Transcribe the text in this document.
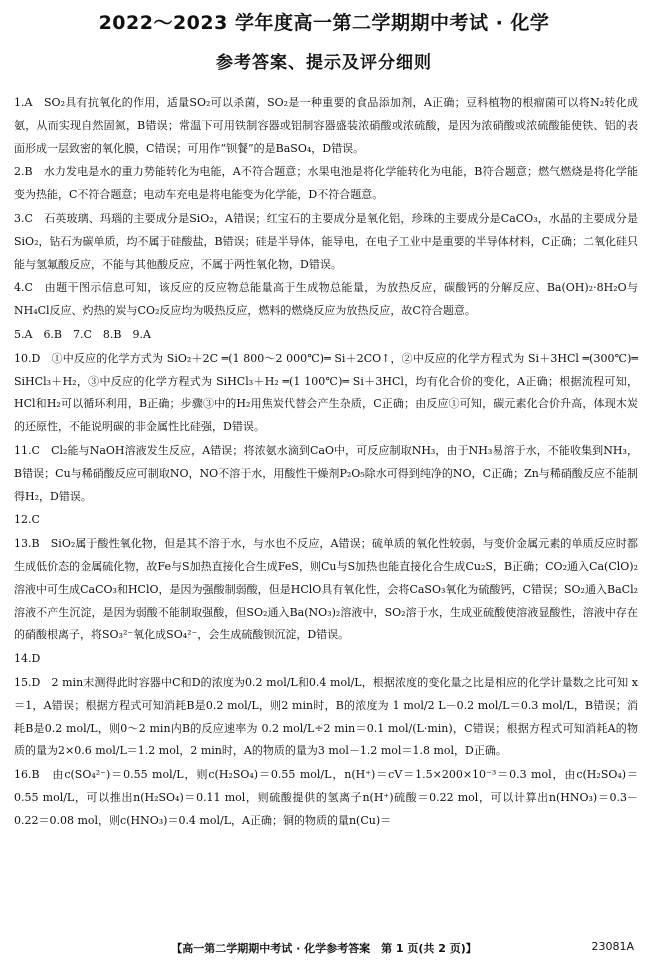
2022～2023 学年度高一第二学期期中考试 · 化学
参考答案、提示及评分细则

1.A　SO₂具有抗氧化的作用，适量SO₂可以杀菌，SO₂是一种重要的食品添加剂，A正确；豆科植物的根瘤菌可以将N₂转化成氨，从而实现自然固氮，B错误；常温下可用铁制容器或铝制容器盛装浓硝酸或浓硫酸，是因为浓硝酸或浓硫酸能使铁、铝的表面形成一层致密的氧化膜，C错误；可用作“钡餐”的是BaSO₄，D错误。

2.B　水力发电是水的重力势能转化为电能，A不符合题意；水果电池是将化学能转化为电能，B符合题意；燃气燃烧是将化学能变为热能，C不符合题意；电动车充电是将电能变为化学能，D不符合题意。

3.C　石英玻璃、玛瑙的主要成分是SiO₂，A错误；红宝石的主要成分是氧化铝，珍珠的主要成分是CaCO₃，水晶的主要成分是SiO₂，钻石为碳单质，均不属于硅酸盐，B错误；硅是半导体，能导电，在电子工业中是重要的半导体材料，C正确；二氧化硅只能与氢氟酸反应，不能与其他酸反应，不属于两性氧化物，D错误。

4.C　由题干图示信息可知，该反应的反应物总能量高于生成物总能量，为放热反应，碳酸钙的分解反应、Ba(OH)₂·8H₂O与NH₄Cl反应、灼热的炭与CO₂反应均为吸热反应，燃料的燃烧反应为放热反应，故C符合题意。

5.A　6.B　7.C　8.B　9.A

10.D　①中反应的化学方式为 SiO₂＋2C ═(1 800～2 000℃)═ Si＋2CO↑，②中反应的化学方程式为 Si＋3HCl ═(300℃)═ SiHCl₃＋H₂，③中反应的化学方程式为 SiHCl₃＋H₂ ═(1 100℃)═ Si＋3HCl，均有化合价的变化，A正确；根据流程可知，HCl和H₂可以循环利用，B正确；步骤③中的H₂用焦炭代替会产生杂质，C正确；由反应①可知，碳元素化合价升高，体现木炭的还原性，不能说明碳的非金属性比硅强，D错误。

11.C　Cl₂能与NaOH溶液发生反应，A错误；将浓氨水滴到CaO中，可反应制取NH₃，由于NH₃易溶于水，不能收集到NH₃，B错误；Cu与稀硝酸反应可制取NO，NO不溶于水，用酸性干燥剂P₂O₅除水可得到纯净的NO，C正确；Zn与稀硝酸反应不能制得H₂，D错误。

12.C

13.B　SiO₂属于酸性氧化物，但是其不溶于水，与水也不反应，A错误；硫单质的氧化性较弱，与变价金属元素的单质反应时都生成低价态的金属硫化物，故Fe与S加热直接化合生成FeS，则Cu与S加热也能直接化合生成Cu₂S，B正确；CO₂通入Ca(ClO)₂溶液中可生成CaCO₃和HClO，是因为强酸制弱酸，但是HClO具有氧化性，会将CaSO₃氧化为硫酸钙，C错误；SO₂通入BaCl₂溶液不产生沉淀，是因为弱酸不能制取强酸，但SO₂通入Ba(NO₃)₂溶液中，SO₂溶于水，生成亚硫酸使溶液显酸性，溶液中存在的硝酸根离子，将SO₃²⁻氧化成SO₄²⁻，会生成硫酸钡沉淀，D错误。

14.D

15.D　2 min末测得此时容器中C和D的浓度为0.2 mol/L和0.4 mol/L，根据浓度的变化量之比是相应的化学计量数之比可知 x＝1，A错误；根据方程式可知消耗B是0.2 mol/L，则2 min时，B的浓度为 1 mol/2 L－0.2 mol/L＝0.3 mol/L，B错误；消耗B是0.2 mol/L，则0～2 min内B的反应速率为 0.2 mol/L÷2 min＝0.1 mol/(L·min)，C错误；根据方程式可知消耗A的物质的量为2×0.6 mol/L＝1.2 mol，2 min时，A的物质的量为3 mol－1.2 mol＝1.8 mol，D正确。

16.B　由c(SO₄²⁻)＝0.55 mol/L，则c(H₂SO₄)＝0.55 mol/L，n(H⁺)＝cV＝1.5×200×10⁻³＝0.3 mol，由c(H₂SO₄)＝0.55 mol/L，可以推出n(H₂SO₄)＝0.11 mol，则硫酸提供的氢离子n(H⁺)硫酸＝0.22 mol，可以计算出n(HNO₃)＝0.3－0.22＝0.08 mol，则c(HNO₃)＝0.4 mol/L，A正确；铜的物质的量n(Cu)＝

【高一第二学期期中考试 · 化学参考答案　第 1 页(共 2 页)】	23081A
